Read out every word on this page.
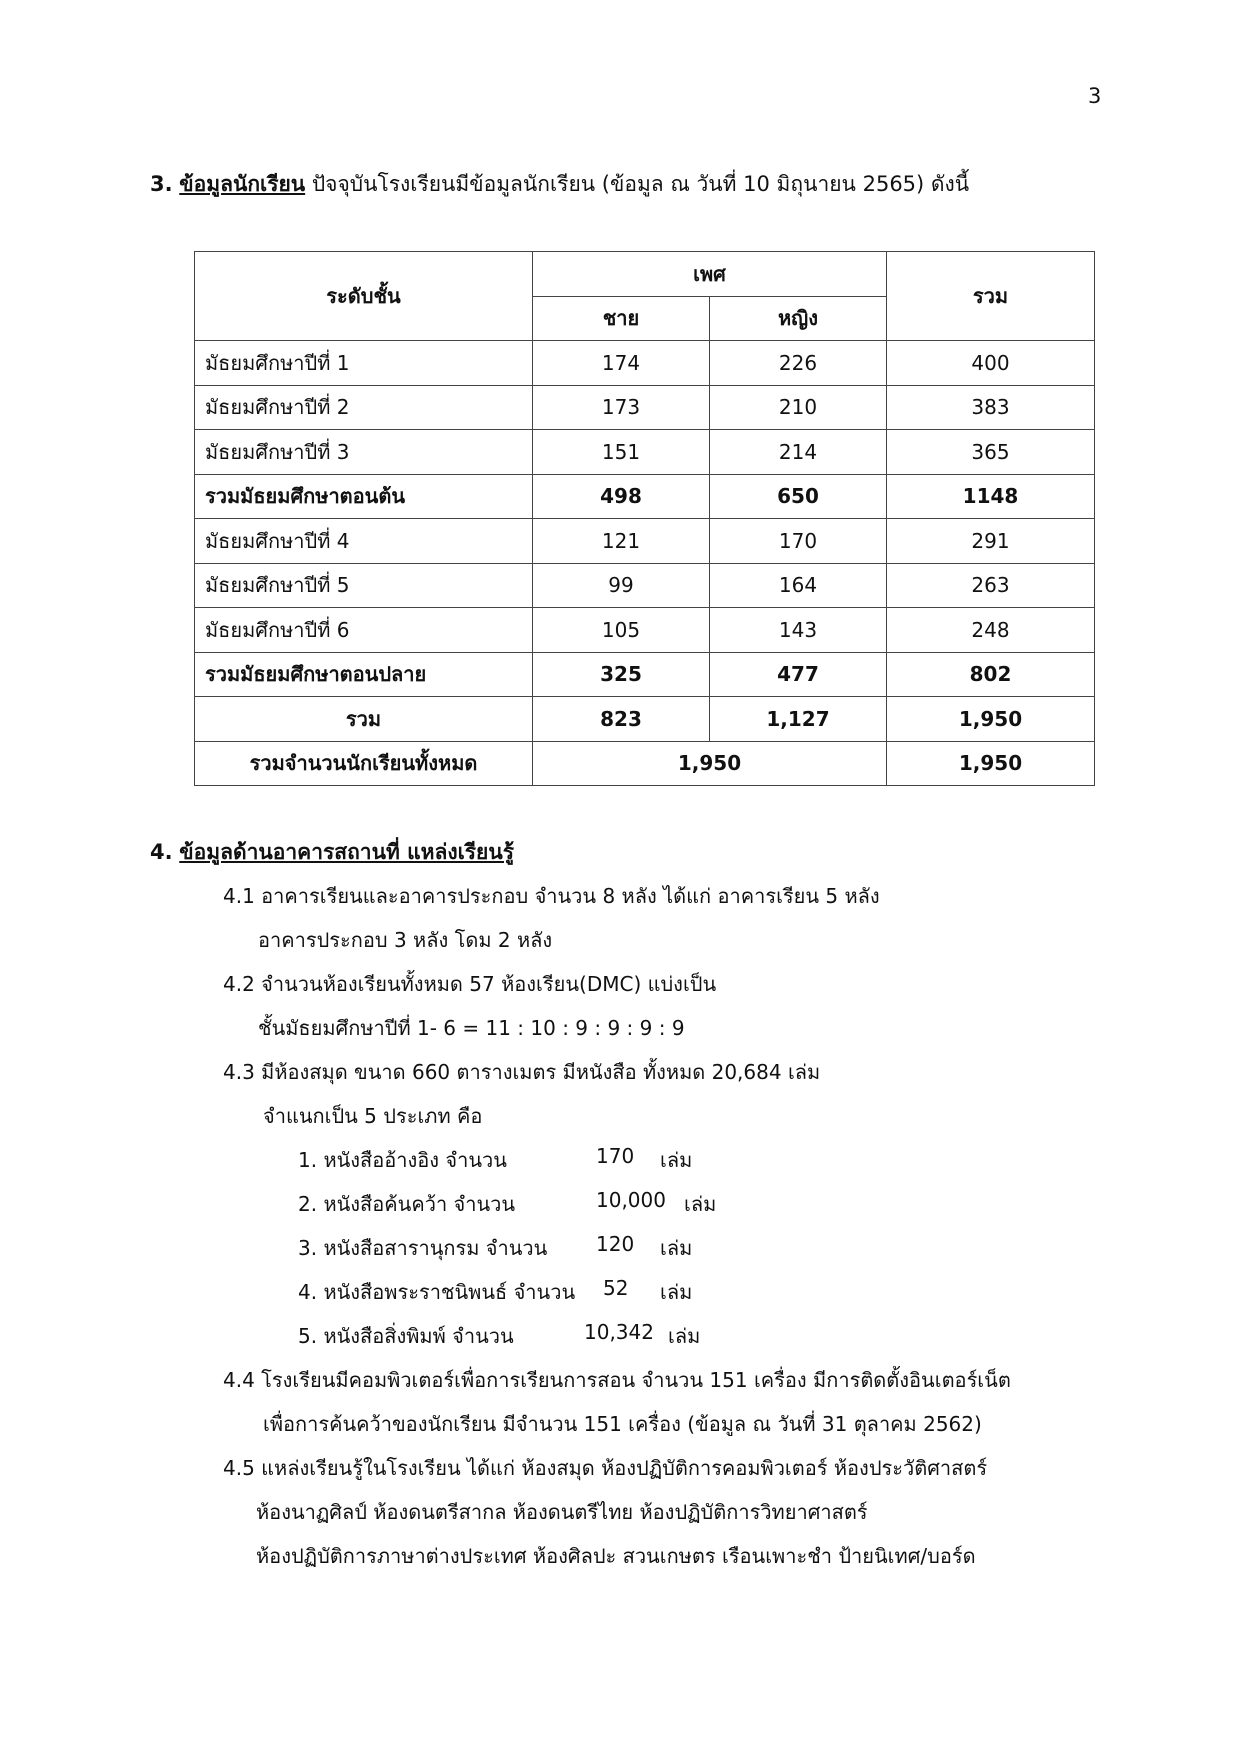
3
3. ข้อมูลนักเรียน ปัจจุบันโรงเรียนมีข้อมูลนักเรียน (ข้อมูล ณ วันที่ 10 มิถุนายน 2565) ดังนี้
ระดับชั้น	เพศ		รวม
	ชาย	หญิง	
มัธยมศึกษาปีที่ 1	174	226	400
มัธยมศึกษาปีที่ 2	173	210	383
มัธยมศึกษาปีที่ 3	151	214	365
รวมมัธยมศึกษาตอนต้น	498	650	1148
มัธยมศึกษาปีที่ 4	121	170	291
มัธยมศึกษาปีที่ 5	99	164	263
มัธยมศึกษาปีที่ 6	105	143	248
รวมมัธยมศึกษาตอนปลาย	325	477	802
รวม	823	1,127	1,950
รวมจำนวนนักเรียนทั้งหมด	1,950		1,950
4. ข้อมูลด้านอาคารสถานที่ แหล่งเรียนรู้
4.1 อาคารเรียนและอาคารประกอบ จำนวน 8 หลัง ได้แก่ อาคารเรียน 5 หลัง
อาคารประกอบ 3 หลัง โดม 2 หลัง
4.2 จำนวนห้องเรียนทั้งหมด 57 ห้องเรียน(DMC) แบ่งเป็น
ชั้นมัธยมศึกษาปีที่ 1- 6 = 11 : 10 : 9 : 9 : 9 : 9
4.3 มีห้องสมุด ขนาด 660 ตารางเมตร มีหนังสือ ทั้งหมด 20,684 เล่ม
จำแนกเป็น 5 ประเภท คือ
1. หนังสืออ้างอิง จำนวน	170 เล่ม
2. หนังสือค้นคว้า จำนวน	10,000 เล่ม
3. หนังสือสารานุกรม จำนวน 120 เล่ม
4. หนังสือพระราชนิพนธ์ จำนวน 52 เล่ม
5. หนังสือสิ่งพิมพ์ จำนวน	10,342 เล่ม
4.4 โรงเรียนมีคอมพิวเตอร์เพื่อการเรียนการสอน จำนวน 151 เครื่อง มีการติดตั้งอินเตอร์เน็ต
เพื่อการค้นคว้าของนักเรียน มีจำนวน 151 เครื่อง (ข้อมูล ณ วันที่ 31 ตุลาคม 2562)
4.5 แหล่งเรียนรู้ในโรงเรียน ได้แก่ ห้องสมุด ห้องปฏิบัติการคอมพิวเตอร์ ห้องประวัติศาสตร์
ห้องนาฏศิลป์ ห้องดนตรีสากล ห้องดนตรีไทย ห้องปฏิบัติการวิทยาศาสตร์
ห้องปฏิบัติการภาษาต่างประเทศ ห้องศิลปะ สวนเกษตร เรือนเพาะชำ ป้ายนิเทศ/บอร์ด
